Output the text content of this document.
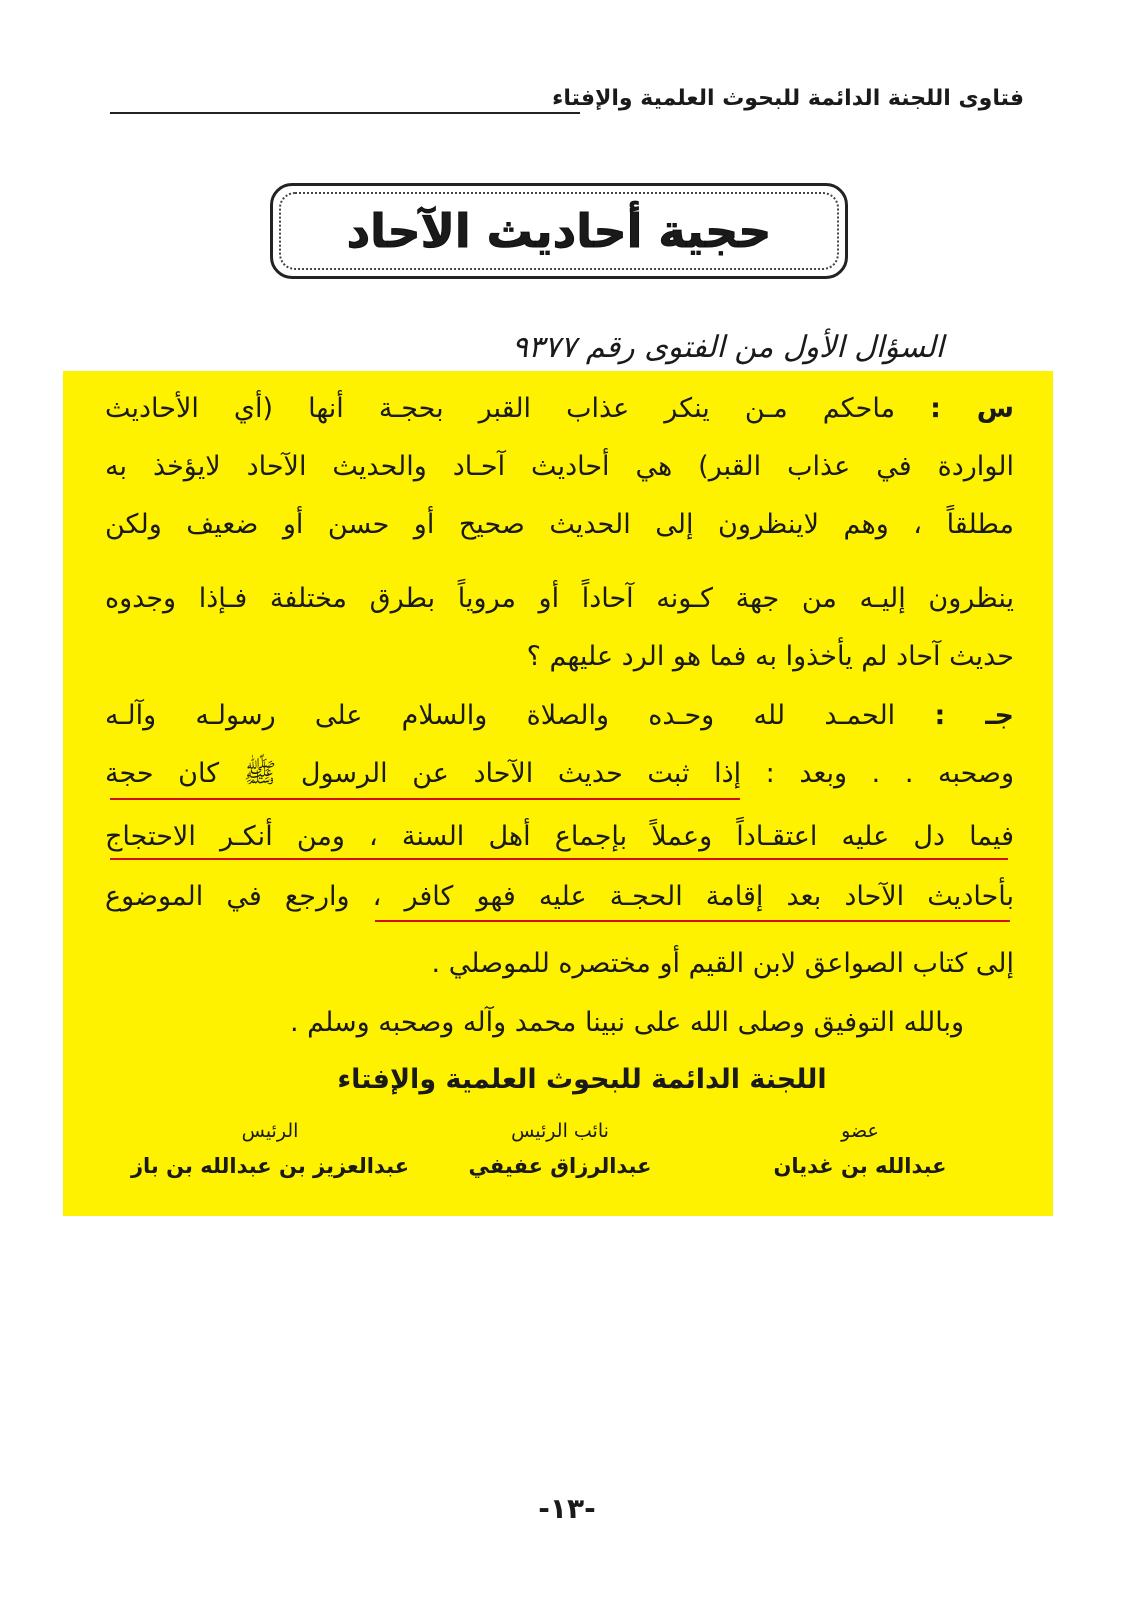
فتاوى اللجنة الدائمة للبحوث العلمية والإفتاء
حجية أحاديث الآحاد
السؤال الأول من الفتوى رقم ٩٣٧٧
س : ماحكم مـن ينكر عذاب القبر بحجـة أنها (أي الأحاديث
الواردة في عذاب القبر) هي أحاديث آحـاد والحديث الآحاد لايؤخذ به
مطلقاً ، وهم لاينظرون إلى الحديث صحيح أو حسن أو ضعيف ولكن
ينظرون إليـه من جهة كـونه آحاداً أو مروياً بطرق مختلفة فـإذا وجدوه
حديث آحاد لم يأخذوا به فما هو الرد عليهم ؟
جـ : الحمـد لله وحـده والصلاة والسلام على رسولـه وآلـه
وصحبه . . وبعد : إذا ثبت حديث الآحاد عن الرسول ﷺ كان حجة
فيما دل عليه اعتقـاداً وعملاً بإجماع أهل السنة ، ومن أنكـر الاحتجاج
بأحاديث الآحاد بعد إقامة الحجـة عليه فهو كافر ، وارجع في الموضوع
إلى كتاب الصواعق لابن القيم أو مختصره للموصلي .
وبالله التوفيق وصلى الله على نبينا محمد وآله وصحبه وسلم .
اللجنة الدائمة للبحوث العلمية والإفتاء
عضو
عبدالله بن غديان
نائب الرئيس
عبدالرزاق عفيفي
الرئيس
عبدالعزيز بن عبدالله بن باز
-١٣-
